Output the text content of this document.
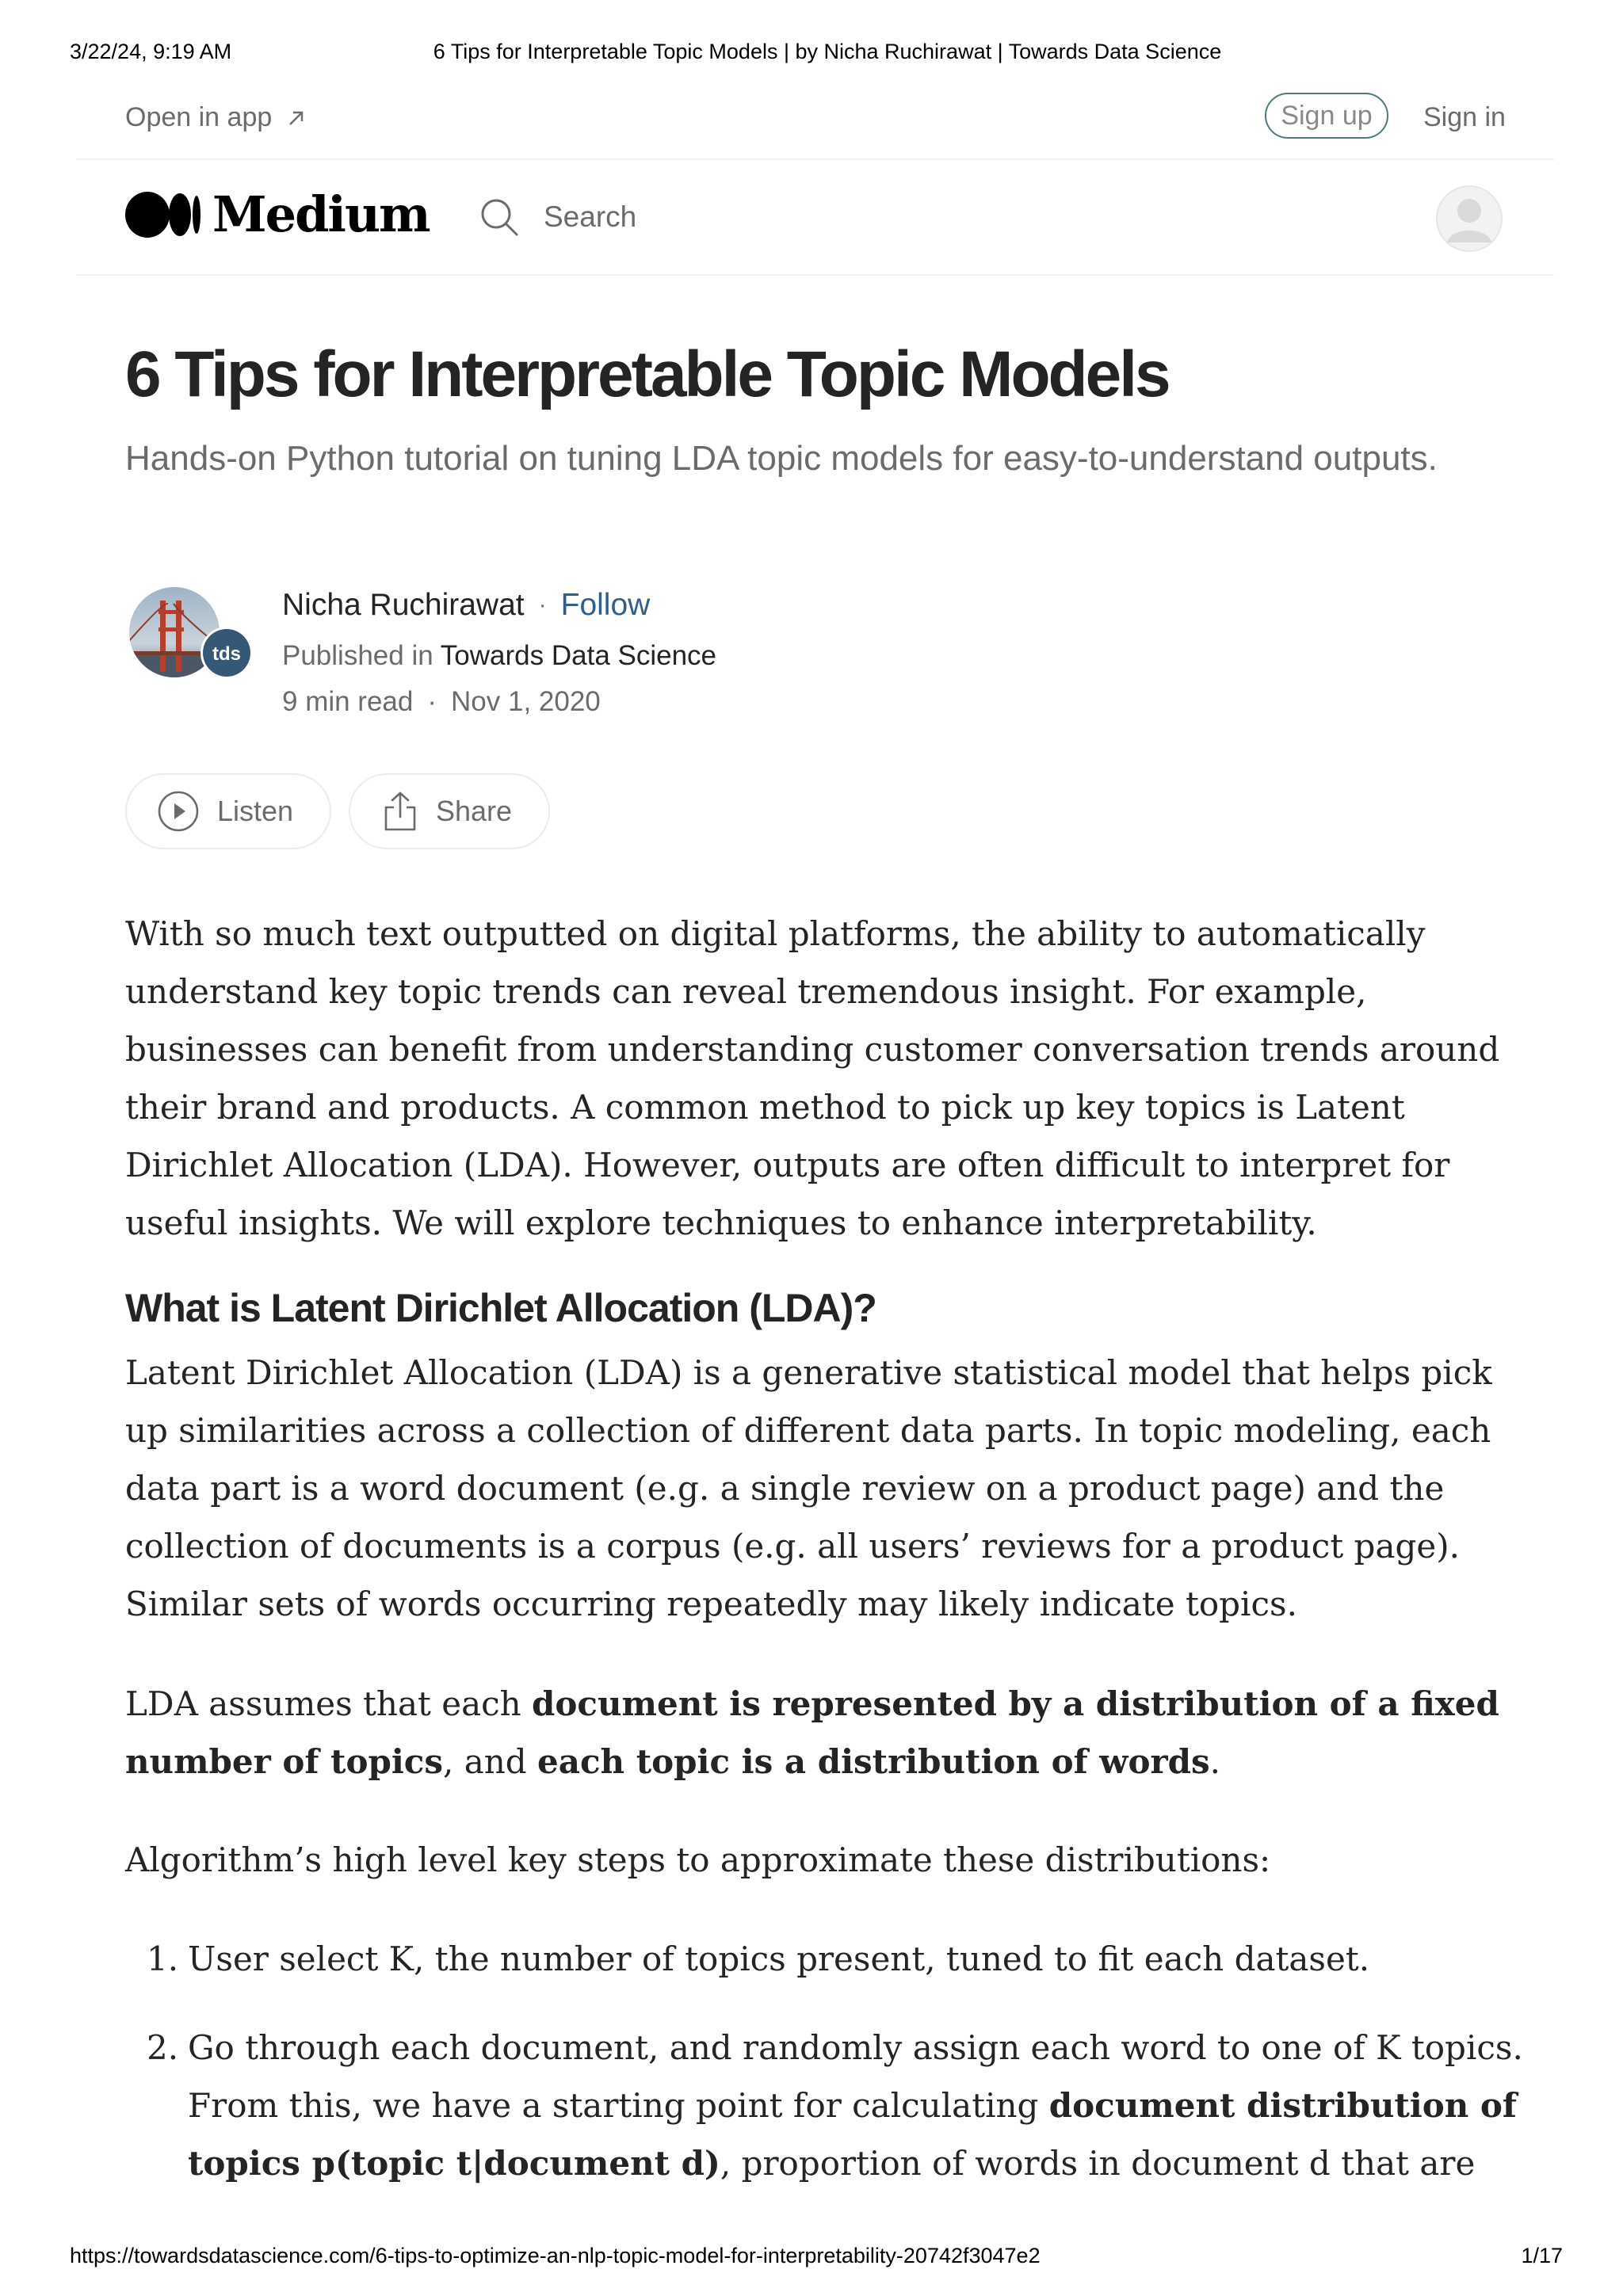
3/22/24, 9:19 AM	6 Tips for Interpretable Topic Models | by Nicha Ruchirawat | Towards Data Science
Open in app	Sign up	Sign in
Medium	Search
6 Tips for Interpretable Topic Models

Hands-on Python tutorial on tuning LDA topic models for easy-to-understand outputs.

tds
Nicha Ruchirawat · Follow
Published in Towards Data Science
9 min read · Nov 1, 2020
Listen	Share

With so much text outputted on digital platforms, the ability to automatically understand key topic trends can reveal tremendous insight. For example, businesses can benefit from understanding customer conversation trends around their brand and products. A common method to pick up key topics is Latent Dirichlet Allocation (LDA). However, outputs are often difficult to interpret for useful insights. We will explore techniques to enhance interpretability.

What is Latent Dirichlet Allocation (LDA)?

Latent Dirichlet Allocation (LDA) is a generative statistical model that helps pick up similarities across a collection of different data parts. In topic modeling, each data part is a word document (e.g. a single review on a product page) and the collection of documents is a corpus (e.g. all users’ reviews for a product page). Similar sets of words occurring repeatedly may likely indicate topics.

LDA assumes that each document is represented by a distribution of a fixed number of topics, and each topic is a distribution of words.

Algorithm’s high level key steps to approximate these distributions:

1. User select K, the number of topics present, tuned to fit each dataset.
2. Go through each document, and randomly assign each word to one of K topics. From this, we have a starting point for calculating document distribution of topics p(topic t|document d), proportion of words in document d that are
https://towardsdatascience.com/6-tips-to-optimize-an-nlp-topic-model-for-interpretability-20742f3047e2	1/17
